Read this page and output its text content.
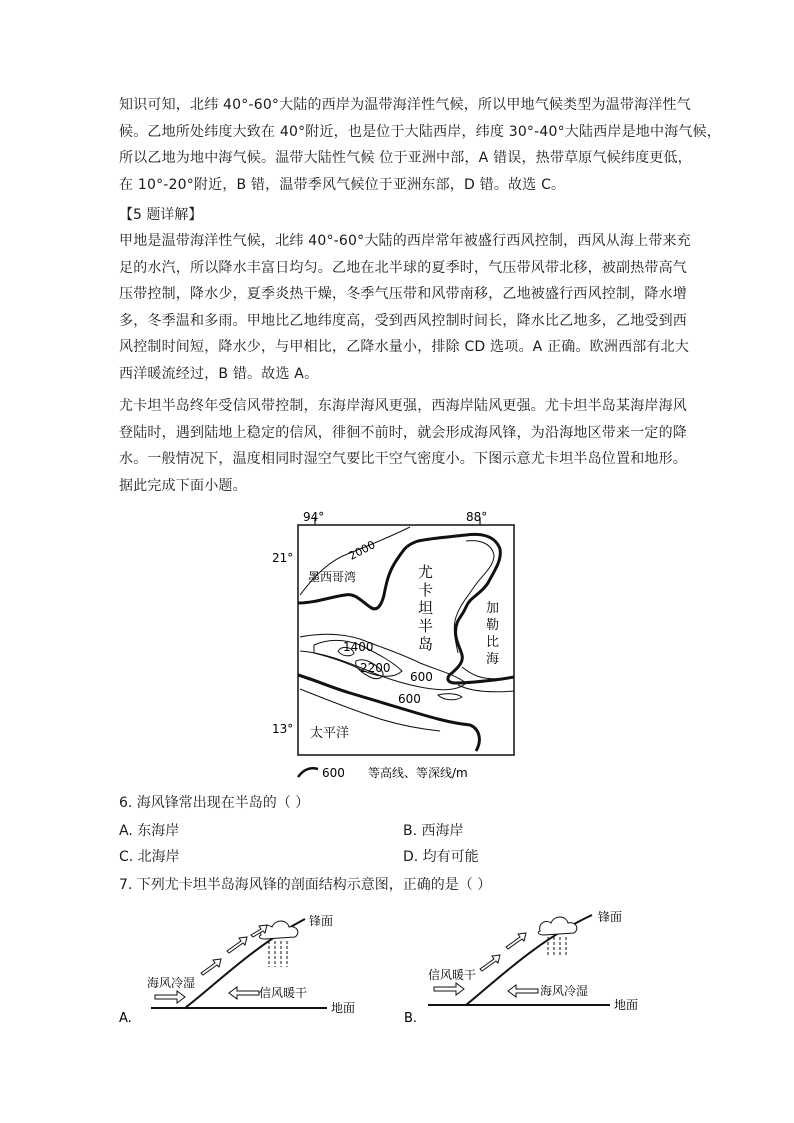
知识可知，北纬 40°-60°大陆的西岸为温带海洋性气候，所以甲地气候类型为温带海洋性气
候。乙地所处纬度大致在 40°附近，也是位于大陆西岸，纬度 30°-40°大陆西岸是地中海气候，
所以乙地为地中海气候。温带大陆性气候 位于亚洲中部，A 错误，热带草原气候纬度更低，
在 10°-20°附近，B 错，温带季风气候位于亚洲东部，D 错。故选 C。
【5 题详解】
甲地是温带海洋性气候，北纬 40°-60°大陆的西岸常年被盛行西风控制，西风从海上带来充
足的水汽，所以降水丰富日均匀。乙地在北半球的夏季时，气压带风带北移，被副热带高气
压带控制，降水少，夏季炎热干燥，冬季气压带和风带南移，乙地被盛行西风控制，降水增
多，冬季温和多雨。甲地比乙地纬度高，受到西风控制时间长，降水比乙地多，乙地受到西
风控制时间短，降水少，与甲相比，乙降水量小，排除 CD 选项。A 正确。欧洲西部有北大
西洋暖流经过，B 错。故选 A。
尤卡坦半岛终年受信风带控制，东海岸海风更强，西海岸陆风更强。尤卡坦半岛某海岸海风
登陆时，遇到陆地上稳定的信风，徘徊不前时，就会形成海风锋，为沿海地区带来一定的降
水。一般情况下，温度相同时湿空气要比干空气密度小。下图示意尤卡坦半岛位置和地形。
据此完成下面小题。
94°	88°
21°
13°
2000
1400
2200
600
600
墨西哥湾	尤
卡
坦
半
岛
加
勒
比
海
太平洋
600 等高线、等深线/m
6. 海风锋常出现在半岛的（ ）
A. 东海岸	B. 西海岸
C. 北海岸	D. 均有可能
7. 下列尤卡坦半岛海风锋的剖面结构示意图，正确的是（ ）
A.
地面
锋面
海风冷湿
信风暖干
B.
地面
锋面
信风暖干
海风冷湿
